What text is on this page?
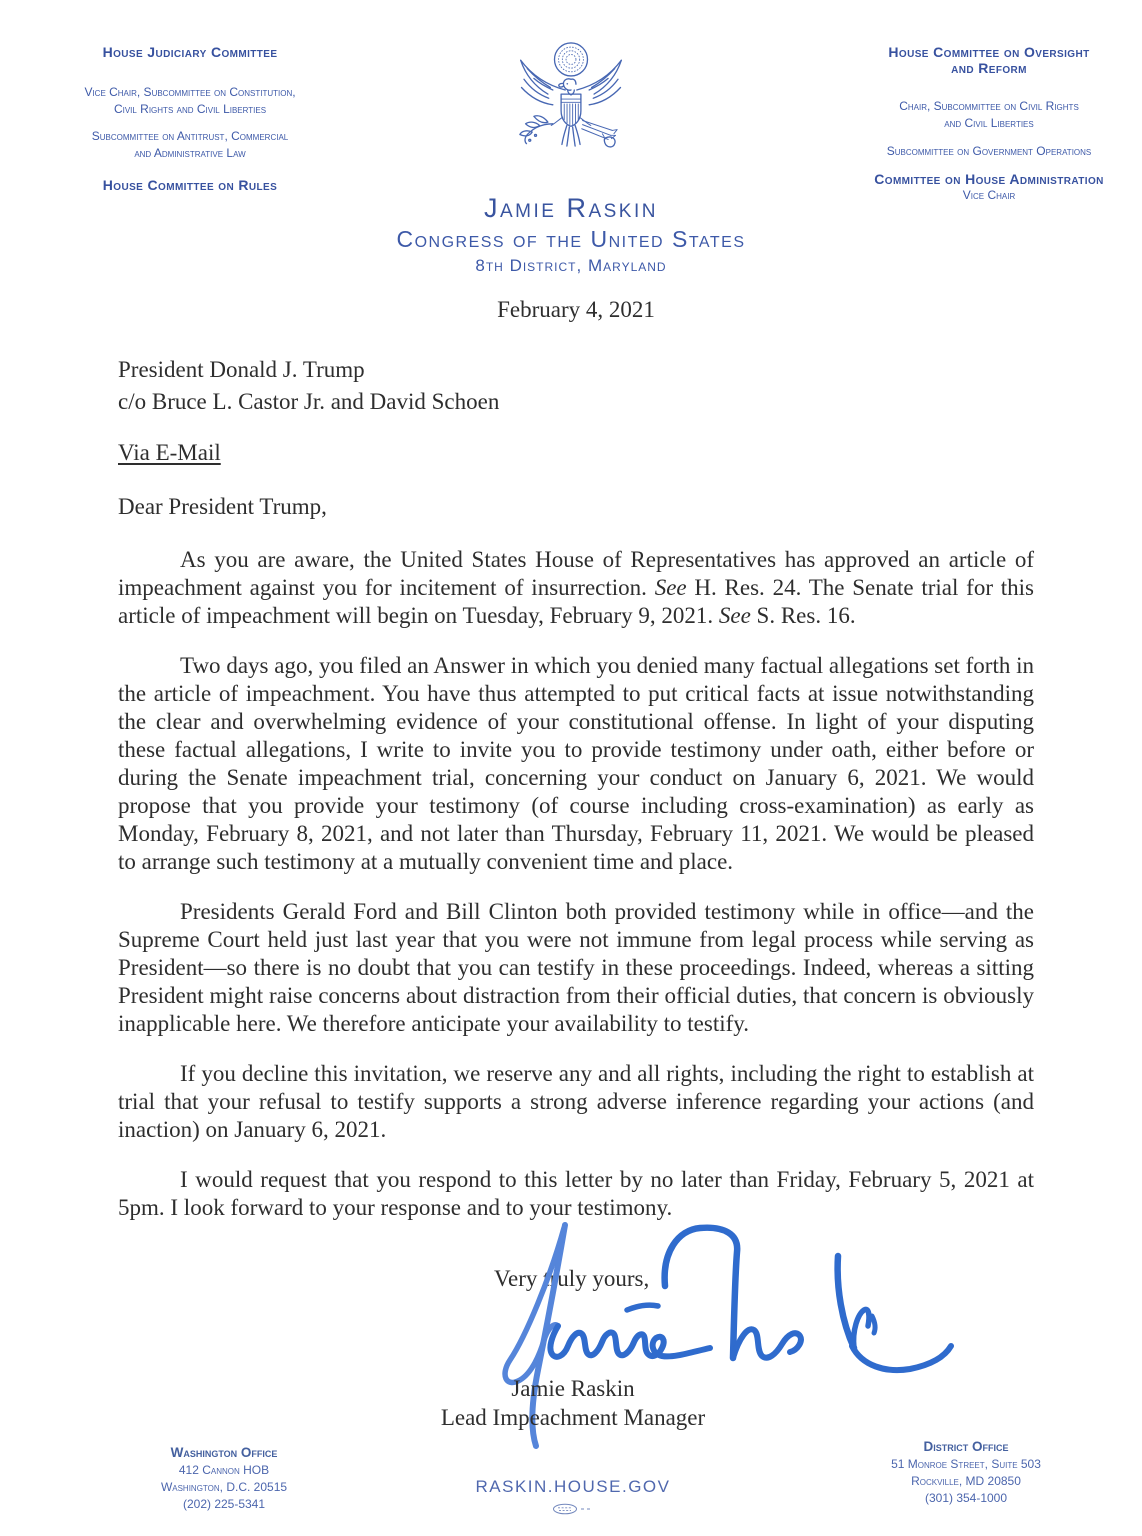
House Judiciary Committee
Vice Chair, Subcommittee on Constitution,
Civil Rights and Civil Liberties
Subcommittee on Antitrust, Commercial
and Administrative Law
House Committee on Rules
House Committee on Oversight
and Reform
Chair, Subcommittee on Civil Rights
and Civil Liberties
Subcommittee on Government Operations
Committee on House Administration
Vice Chair
Jamie Raskin
Congress of the United States
8th District, Maryland
February 4, 2021
President Donald J. Trump
c/o Bruce L. Castor Jr. and David Schoen
Via E-Mail
Dear President Trump,

As you are aware, the United States House of Representatives has approved an article of impeachment against you for incitement of insurrection. See H. Res. 24. The Senate trial for this article of impeachment will begin on Tuesday, February 9, 2021. See S. Res. 16.

Two days ago, you filed an Answer in which you denied many factual allegations set forth in the article of impeachment. You have thus attempted to put critical facts at issue notwithstanding the clear and overwhelming evidence of your constitutional offense. In light of your disputing these factual allegations, I write to invite you to provide testimony under oath, either before or during the Senate impeachment trial, concerning your conduct on January 6, 2021. We would propose that you provide your testimony (of course including cross-examination) as early as Monday, February 8, 2021, and not later than Thursday, February 11, 2021. We would be pleased to arrange such testimony at a mutually convenient time and place.

Presidents Gerald Ford and Bill Clinton both provided testimony while in office—and the Supreme Court held just last year that you were not immune from legal process while serving as President—so there is no doubt that you can testify in these proceedings. Indeed, whereas a sitting President might raise concerns about distraction from their official duties, that concern is obviously inapplicable here. We therefore anticipate your availability to testify.

If you decline this invitation, we reserve any and all rights, including the right to establish at trial that your refusal to testify supports a strong adverse inference regarding your actions (and inaction) on January 6, 2021.

I would request that you respond to this letter by no later than Friday, February 5, 2021 at 5pm. I look forward to your response and to your testimony.

Very truly yours,
Jamie Raskin
Lead Impeachment Manager
Washington Office
412 Cannon HOB
Washington, D.C. 20515
(202) 225-5341
RASKIN.HOUSE.GOV
District Office
51 Monroe Street, Suite 503
Rockville, MD 20850
(301) 354-1000
